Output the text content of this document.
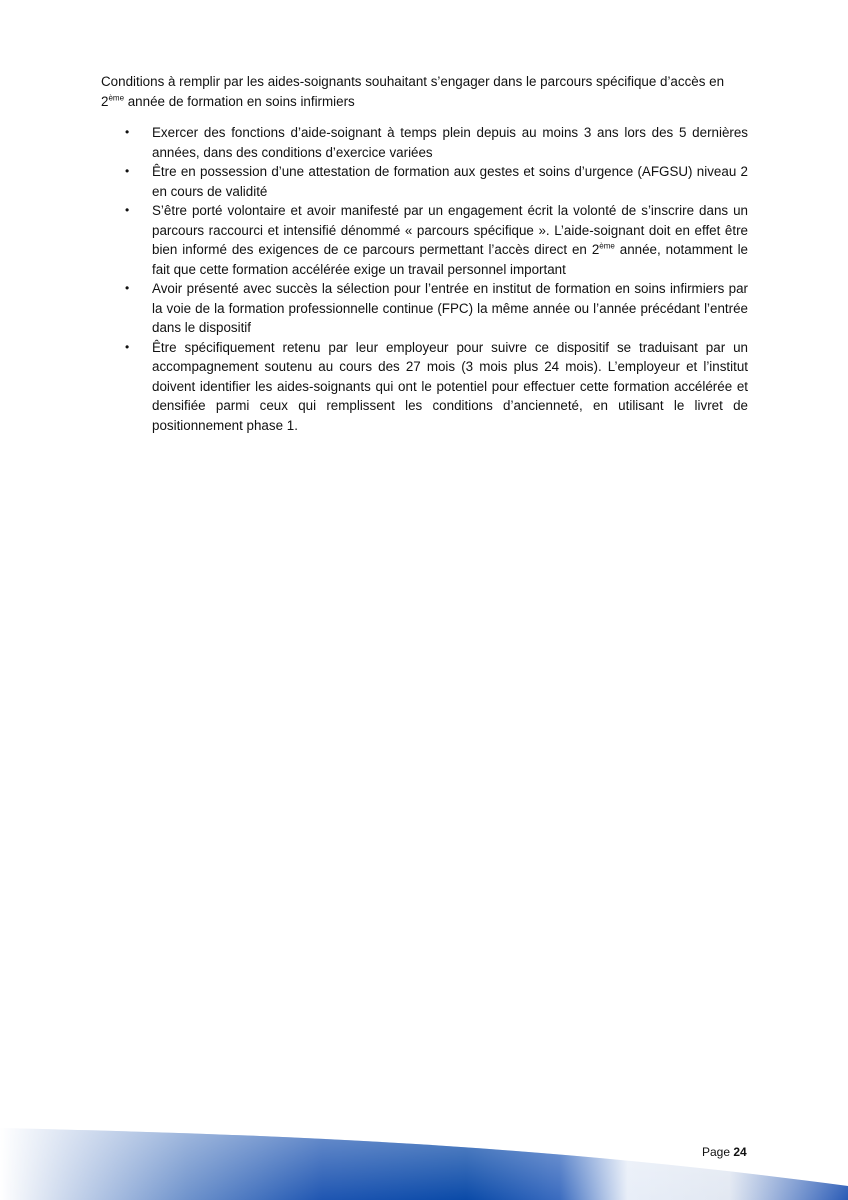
Conditions à remplir par les aides-soignants souhaitant s’engager dans le parcours spécifique d’accès en 2ème année de formation en soins infirmiers

• Exercer des fonctions d’aide-soignant à temps plein depuis au moins 3 ans lors des 5 dernières années, dans des conditions d’exercice variées
• Être en possession d’une attestation de formation aux gestes et soins d’urgence (AFGSU) niveau 2 en cours de validité
• S’être porté volontaire et avoir manifesté par un engagement écrit la volonté de s’inscrire dans un parcours raccourci et intensifié dénommé « parcours spécifique ». L’aide-soignant doit en effet être bien informé des exigences de ce parcours permettant l’accès direct en 2ème année, notamment le fait que cette formation accélérée exige un travail personnel important
• Avoir présenté avec succès la sélection pour l’entrée en institut de formation en soins infirmiers par la voie de la formation professionnelle continue (FPC) la même année ou l’année précédant l’entrée dans le dispositif
• Être spécifiquement retenu par leur employeur pour suivre ce dispositif se traduisant par un accompagnement soutenu au cours des 27 mois (3 mois plus 24 mois). L’employeur et l’institut doivent identifier les aides-soignants qui ont le potentiel pour effectuer cette formation accélérée et densifiée parmi ceux qui remplissent les conditions d’ancienneté, en utilisant le livret de positionnement phase 1.
Page 24
